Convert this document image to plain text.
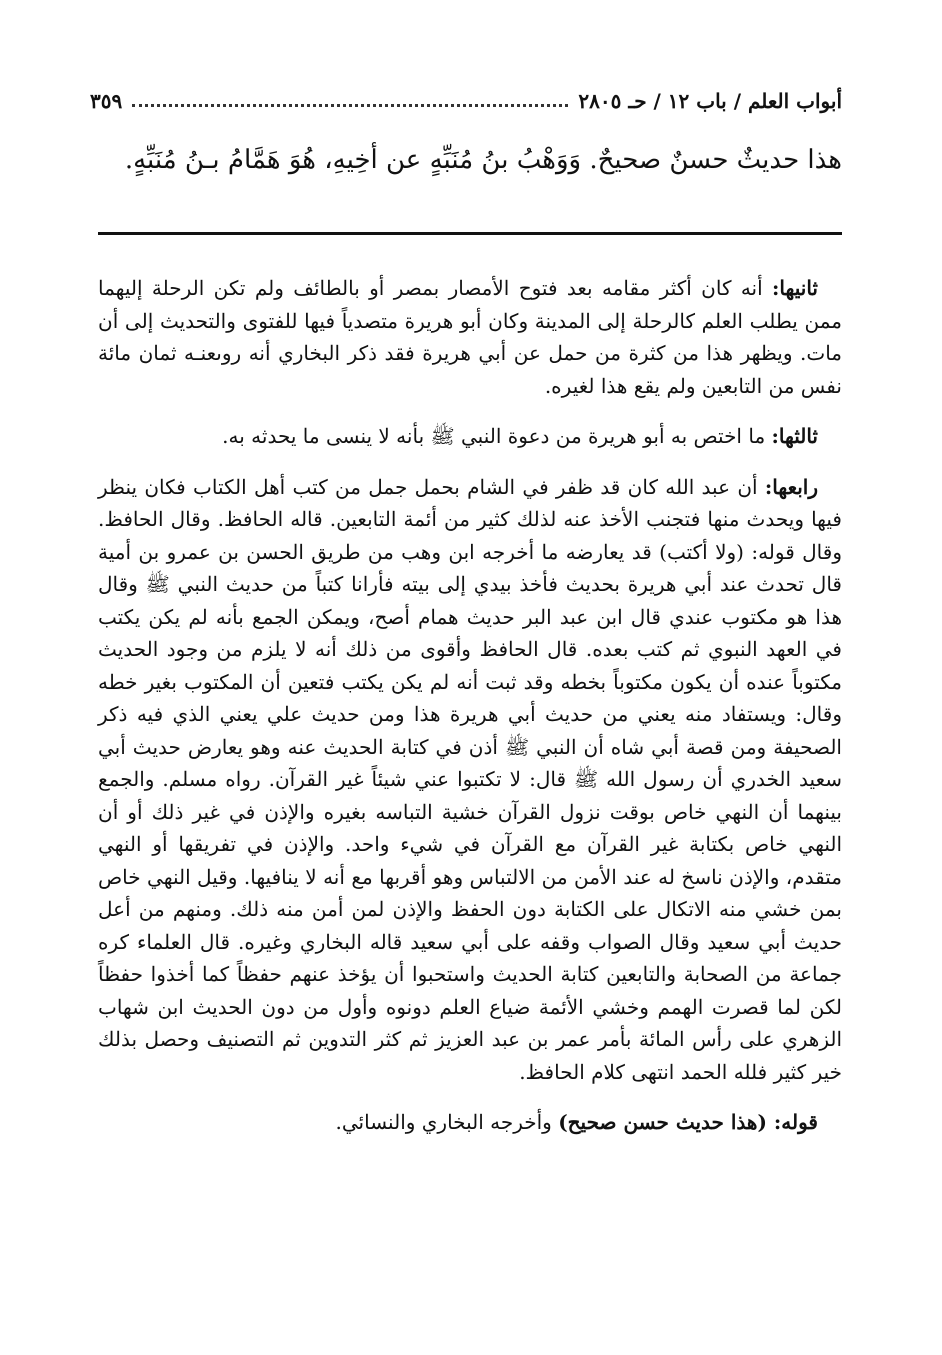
أبواب العلم / باب ١٢ / حـ ٢٨٠٥
٣٥٩
هذا حديثٌ حسنٌ صحيحٌ. وَوَهْبُ بنُ مُنَبِّهٍ عن أخِيهِ، هُوَ هَمَّامُ بـنُ مُنَبِّهٍ.

ثانيها: أنه كان أكثر مقامه بعد فتوح الأمصار بمصر أو بالطائف ولم تكن الرحلة إليهما ممن يطلب العلم كالرحلة إلى المدينة وكان أبو هريرة متصدياً فيها للفتوى والتحديث إلى أن مات. ويظهر هذا من كثرة من حمل عن أبي هريرة فقد ذكر البخاري أنه روىعنـه ثمان مائة نفس من التابعين ولم يقع هذا لغيره.

ثالثها: ما اختص به أبو هريرة من دعوة النبي ﷺ بأنه لا ينسى ما يحدثه به.

رابعها: أن عبد الله كان قد ظفر في الشام بحمل جمل من كتب أهل الكتاب فكان ينظر فيها ويحدث منها فتجنب الأخذ عنه لذلك كثير من أئمة التابعين. قاله الحافظ. وقال الحافظ. وقال قوله: (ولا أكتب) قد يعارضه ما أخرجه ابن وهب من طريق الحسن بن عمرو بن أمية قال تحدث عند أبي هريرة بحديث فأخذ بيدي إلى بيته فأرانا كتباً من حديث النبي ﷺ وقال هذا هو مكتوب عندي قال ابن عبد البر حديث همام أصح، ويمكن الجمع بأنه لم يكن يكتب في العهد النبوي ثم كتب بعده. قال الحافظ وأقوى من ذلك أنه لا يلزم من وجود الحديث مكتوباً عنده أن يكون مكتوباً بخطه وقد ثبت أنه لم يكن يكتب فتعين أن المكتوب بغير خطه وقال: ويستفاد منه يعني من حديث أبي هريرة هذا ومن حديث علي يعني الذي فيه ذكر الصحيفة ومن قصة أبي شاه أن النبي ﷺ أذن في كتابة الحديث عنه وهو يعارض حديث أبي سعيد الخدري أن رسول الله ﷺ قال: لا تكتبوا عني شيئاً غير القرآن. رواه مسلم. والجمع بينهما أن النهي خاص بوقت نزول القرآن خشية التباسه بغيره والإذن في غير ذلك أو أن النهي خاص بكتابة غير القرآن مع القرآن في شيء واحد. والإذن في تفريقها أو النهي متقدم، والإذن ناسخ له عند الأمن من الالتباس وهو أقربها مع أنه لا ينافيها. وقيل النهي خاص بمن خشي منه الاتكال على الكتابة دون الحفظ والإذن لمن أمن منه ذلك. ومنهم من أعل حديث أبي سعيد وقال الصواب وقفه على أبي سعيد قاله البخاري وغيره. قال العلماء كره جماعة من الصحابة والتابعين كتابة الحديث واستحبوا أن يؤخذ عنهم حفظاً كما أخذوا حفظاً لكن لما قصرت الهمم وخشي الأئمة ضياع العلم دونوه وأول من دون الحديث ابن شهاب الزهري على رأس المائة بأمر عمر بن عبد العزيز ثم كثر التدوين ثم التصنيف وحصل بذلك خير كثير فلله الحمد انتهى كلام الحافظ.

قوله: (هذا حديث حسن صحيح) وأخرجه البخاري والنسائي.
